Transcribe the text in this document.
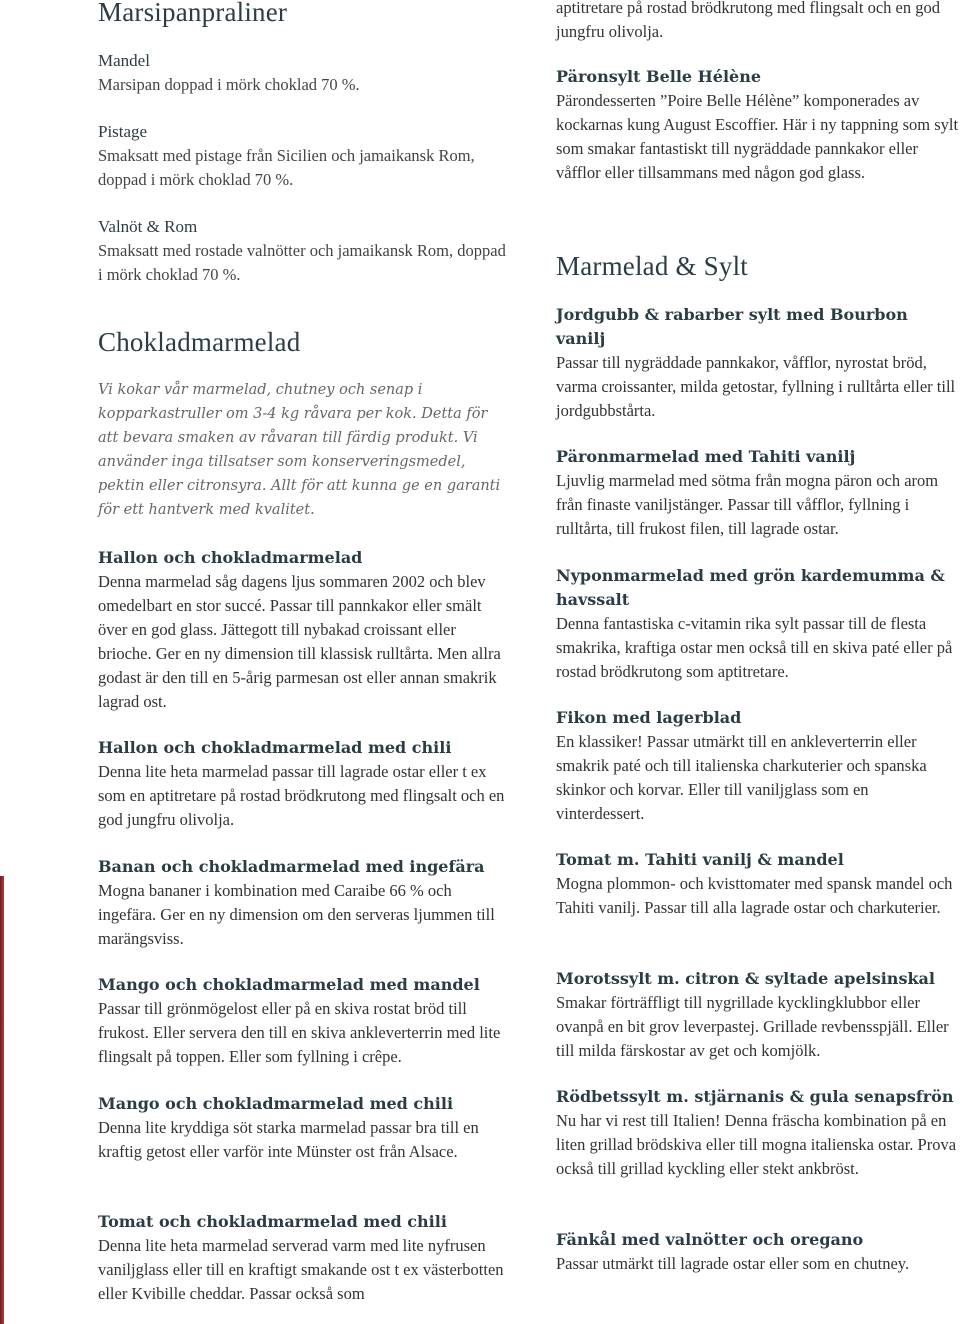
Marsipanpraliner
Mandel
Marsipan doppad i mörk choklad 70 %.
Pistage
Smaksatt med pistage från Sicilien och jamaikansk Rom, doppad i mörk choklad 70 %.
Valnöt & Rom
Smaksatt med rostade valnötter och jamaikansk Rom, doppad i mörk choklad 70 %.
Chokladmarmelad
Vi kokar vår marmelad, chutney och senap i kopparkastruller om 3-4 kg råvara per kok. Detta för att bevara smaken av råvaran till färdig produkt. Vi använder inga tillsatser som konserveringsmedel, pektin eller citronsyra. Allt för att kunna ge en garanti för ett hantverk med kvalitet.
Hallon och chokladmarmelad
Denna marmelad såg dagens ljus sommaren 2002 och blev omedelbart en stor succé. Passar till pannkakor eller smält över en god glass. Jättegott till nybakad croissant eller brioche. Ger en ny dimension till klassisk rulltårta. Men allra godast är den till en 5-årig parmesan ost eller annan smakrik lagrad ost.
Hallon och chokladmarmelad med chili
Denna lite heta marmelad passar till lagrade ostar eller t ex som en aptitretare på rostad brödkrutong med flingsalt och en god jungfru olivolja.
Banan och chokladmarmelad med ingefära
Mogna bananer i kombination med Caraibe 66 % och ingefära. Ger en ny dimension om den serveras ljummen till marängsviss.
Mango och chokladmarmelad med mandel
Passar till grönmögelost eller på en skiva rostat bröd till frukost. Eller servera den till en skiva ankleverterrin med lite flingsalt på toppen. Eller som fyllning i crêpe.
Mango och chokladmarmelad med chili
Denna lite kryddiga söt starka marmelad passar bra till en kraftig getost eller varför inte Münster ost från Alsace.
Tomat och chokladmarmelad med chili
Denna lite heta marmelad serverad varm med lite nyfrusen vaniljglass eller till en kraftigt smakande ost t ex västerbotten eller Kvibille cheddar. Passar också som
aptitretare på rostad brödkrutong med flingsalt och en god jungfru olivolja.
Päronsylt Belle Hélène
Pärondesserten ”Poire Belle Hélène” komponerades av kockarnas kung August Escoffier. Här i ny tappning som sylt som smakar fantastiskt till nygräddade pannkakor eller våfflor eller tillsammans med någon god glass.
Marmelad & Sylt
Jordgubb & rabarber sylt med Bourbon vanilj
Passar till nygräddade pannkakor, våfflor, nyrostat bröd, varma croissanter, milda getostar, fyllning i rulltårta eller till jordgubbstårta.
Päronmarmelad med Tahiti vanilj
Ljuvlig marmelad med sötma från mogna päron och arom från finaste vaniljstänger. Passar till våfflor, fyllning i rulltårta, till frukost filen, till lagrade ostar.
Nyponmarmelad med grön kardemumma & havssalt
Denna fantastiska c-vitamin rika sylt passar till de flesta smakrika, kraftiga ostar men också till en skiva paté eller på rostad brödkrutong som aptitretare.
Fikon med lagerblad
En klassiker! Passar utmärkt till en ankleverterrin eller smakrik paté och till italienska charkuterier och spanska skinkor och korvar. Eller till vaniljglass som en vinterdessert.
Tomat m. Tahiti vanilj & mandel
Mogna plommon- och kvisttomater med spansk mandel och Tahiti vanilj. Passar till alla lagrade ostar och charkuterier.
Morotssylt m. citron & syltade apelsinskal
Smakar förträffligt till nygrillade kycklingklubbor eller ovanpå en bit grov leverpastej. Grillade revbensspjäll. Eller till milda färskostar av get och komjölk.
Rödbetssylt m. stjärnanis & gula senapsfrön
Nu har vi rest till Italien! Denna fräscha kombination på en liten grillad brödskiva eller till mogna italienska ostar. Prova också till grillad kyckling eller stekt ankbröst.
Fänkål med valnötter och oregano
Passar utmärkt till lagrade ostar eller som en chutney.
